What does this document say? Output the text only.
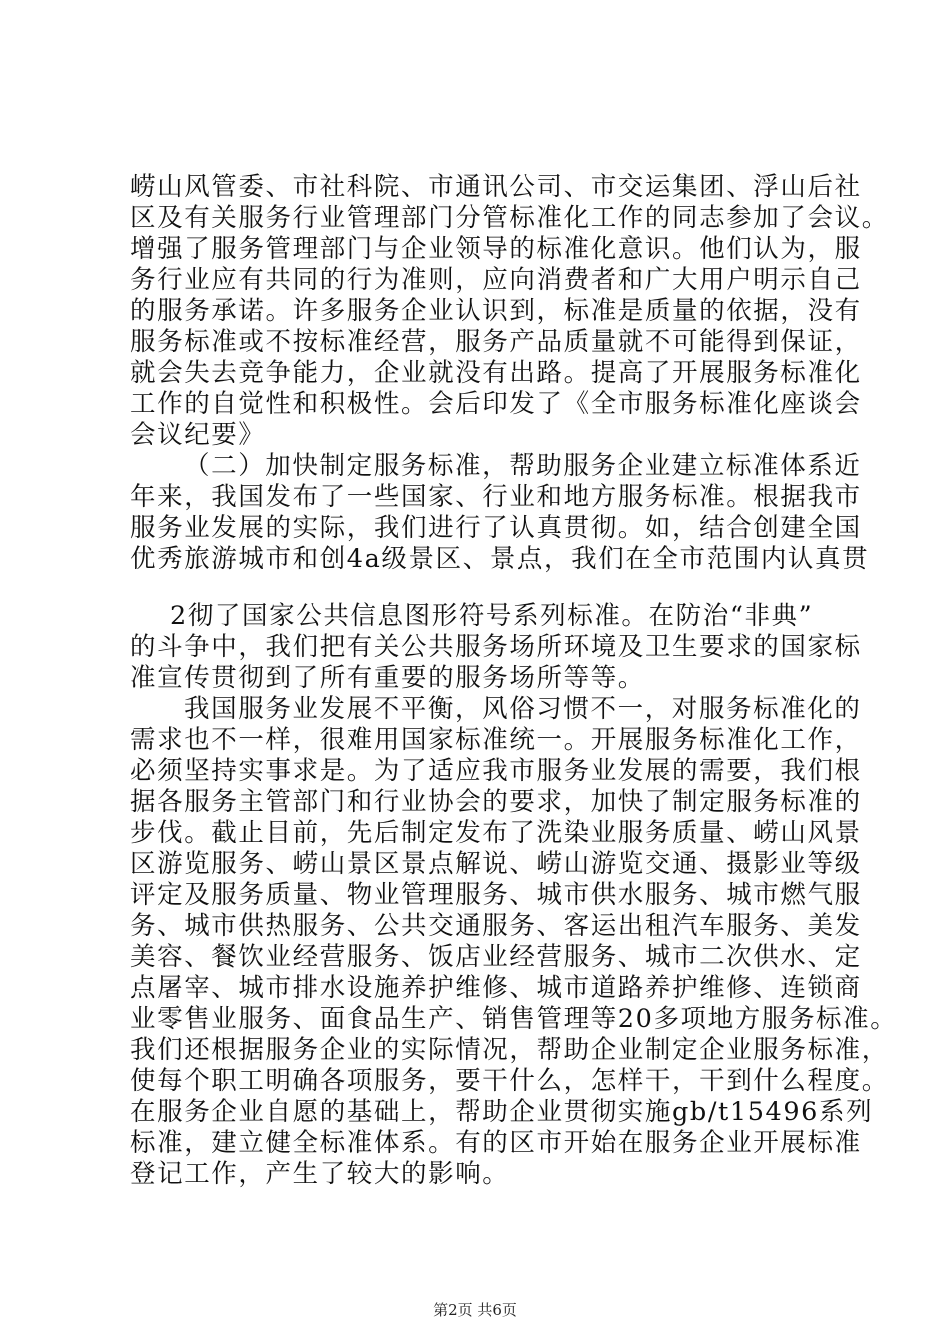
崂山风管委、市社科院、市通讯公司、市交运集团、浮山后社

区及有关服务行业管理部门分管标准化工作的同志参加了会议。

增强了服务管理部门与企业领导的标准化意识。他们认为，服

务行业应有共同的行为准则，应向消费者和广大用户明示自己

的服务承诺。许多服务企业认识到，标准是质量的依据，没有

服务标准或不按标准经营，服务产品质量就不可能得到保证，

就会失去竞争能力，企业就没有出路。提高了开展服务标准化

工作的自觉性和积极性。会后印发了《全市服务标准化座谈会

会议纪要》

（二）加快制定服务标准，帮助服务企业建立标准体系近

年来，我国发布了一些国家、行业和地方服务标准。根据我市

服务业发展的实际，我们进行了认真贯彻。如，结合创建全国

优秀旅游城市和创4a级景区、景点，我们在全市范围内认真贯

2彻了国家公共信息图形符号系列标准。在防治“非典”

的斗争中，我们把有关公共服务场所环境及卫生要求的国家标

准宣传贯彻到了所有重要的服务场所等等。

我国服务业发展不平衡，风俗习惯不一，对服务标准化的

需求也不一样，很难用国家标准统一。开展服务标准化工作，

必须坚持实事求是。为了适应我市服务业发展的需要，我们根

据各服务主管部门和行业协会的要求，加快了制定服务标准的

步伐。截止目前，先后制定发布了洗染业服务质量、崂山风景

区游览服务、崂山景区景点解说、崂山游览交通、摄影业等级

评定及服务质量、物业管理服务、城市供水服务、城市燃气服

务、城市供热服务、公共交通服务、客运出租汽车服务、美发

美容、餐饮业经营服务、饭店业经营服务、城市二次供水、定

点屠宰、城市排水设施养护维修、城市道路养护维修、连锁商

业零售业服务、面食品生产、销售管理等20多项地方服务标准。

我们还根据服务企业的实际情况，帮助企业制定企业服务标准，

使每个职工明确各项服务，要干什么，怎样干，干到什么程度。

在服务企业自愿的基础上，帮助企业贯彻实施gb/t15496系列

标准，建立健全标准体系。有的区市开始在服务企业开展标准

登记工作，产生了较大的影响。

第2页 共6页
